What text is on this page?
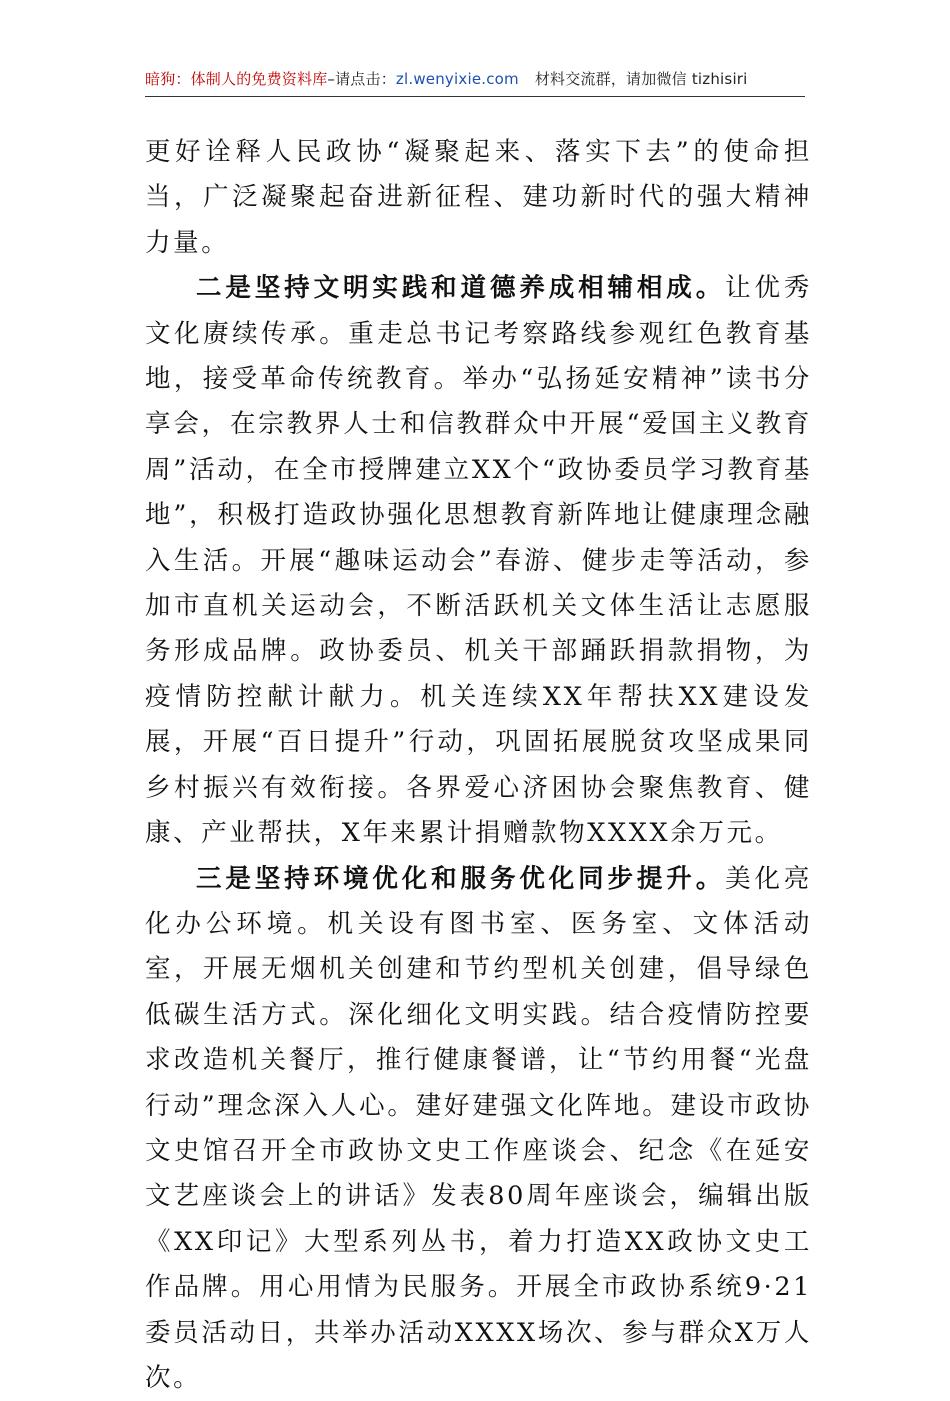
暗狗：体制人的免费资料库–请点击：zl.wenyixie.com 材料交流群，请加微信 tizhisiri

更好诠释人民政协“凝聚起来、落实下去”的使命担当，广泛凝聚起奋进新征程、建功新时代的强大精神力量。

二是坚持文明实践和道德养成相辅相成。让优秀文化赓续传承。重走总书记考察路线参观红色教育基地，接受革命传统教育。举办“弘扬延安精神”读书分享会，在宗教界人士和信教群众中开展“爱国主义教育周”活动，在全市授牌建立XX个“政协委员学习教育基地”，积极打造政协强化思想教育新阵地让健康理念融入生活。开展“趣味运动会”春游、健步走等活动，参加市直机关运动会，不断活跃机关文体生活让志愿服务形成品牌。政协委员、机关干部踊跃捐款捐物，为疫情防控献计献力。机关连续XX年帮扶XX建设发展，开展“百日提升”行动，巩固拓展脱贫攻坚成果同乡村振兴有效衔接。各界爱心济困协会聚焦教育、健康、产业帮扶，X年来累计捐赠款物XXXX余万元。

三是坚持环境优化和服务优化同步提升。美化亮化办公环境。机关设有图书室、医务室、文体活动室，开展无烟机关创建和节约型机关创建，倡导绿色低碳生活方式。深化细化文明实践。结合疫情防控要求改造机关餐厅，推行健康餐谱，让“节约用餐“光盘行动”理念深入人心。建好建强文化阵地。建设市政协文史馆召开全市政协文史工作座谈会、纪念《在延安文艺座谈会上的讲话》发表80周年座谈会，编辑出版《XX印记》大型系列丛书，着力打造XX政协文史工作品牌。用心用情为民服务。开展全市政协系统9·21委员活动日，共举办活动XXXX场次、参与群众X万人次。
